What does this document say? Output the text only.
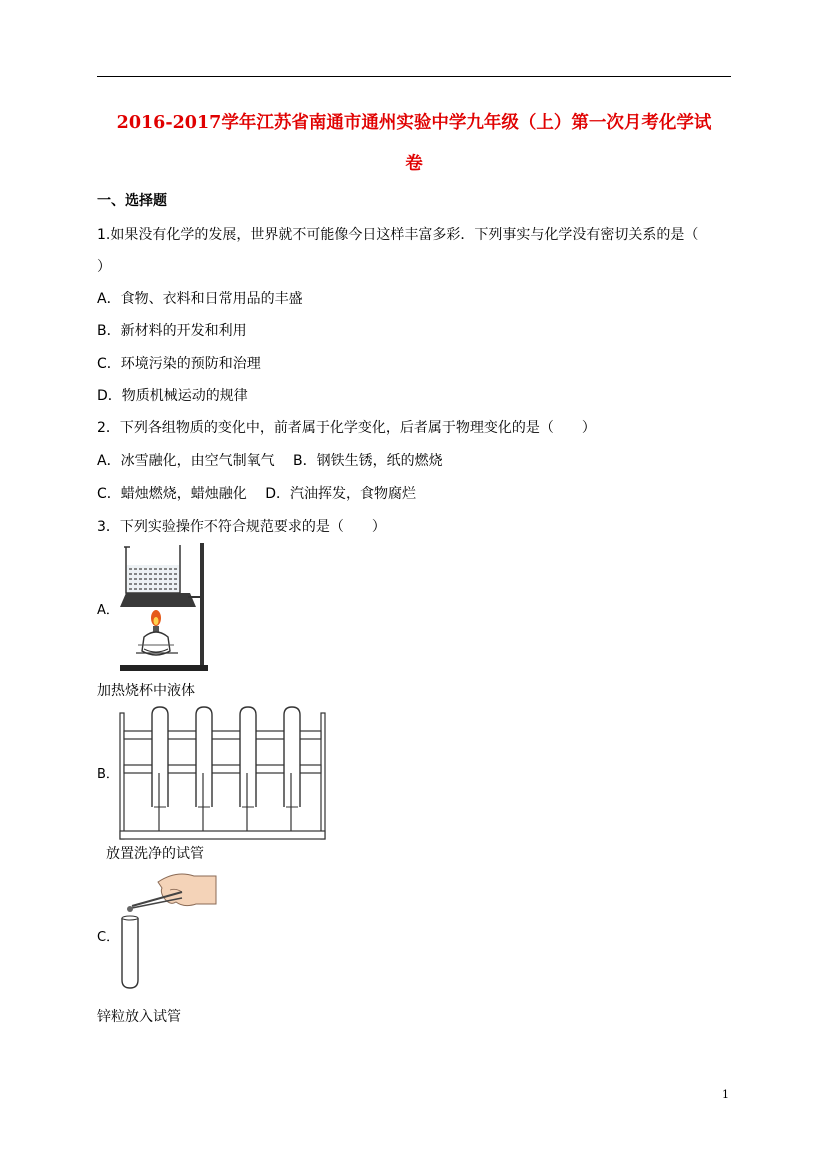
2016-2017学年江苏省南通市通州实验中学九年级（上）第一次月考化学试
卷
一、选择题
1.如果没有化学的发展，世界就不可能像今日这样丰富多彩．下列事实与化学没有密切关系的是（
）
A．食物、衣料和日常用品的丰盛
B．新材料的开发和利用
C．环境污染的预防和治理
D．物质机械运动的规律
2．下列各组物质的变化中，前者属于化学变化，后者属于物理变化的是（　　）
A．冰雪融化，由空气制氧气　 B．钢铁生锈，纸的燃烧
C．蜡烛燃烧，蜡烛融化　 D．汽油挥发，食物腐烂
3．下列实验操作不符合规范要求的是（　　）
A．
加热烧杯中液体
B．
放置洗净的试管
C．
锌粒放入试管
1
